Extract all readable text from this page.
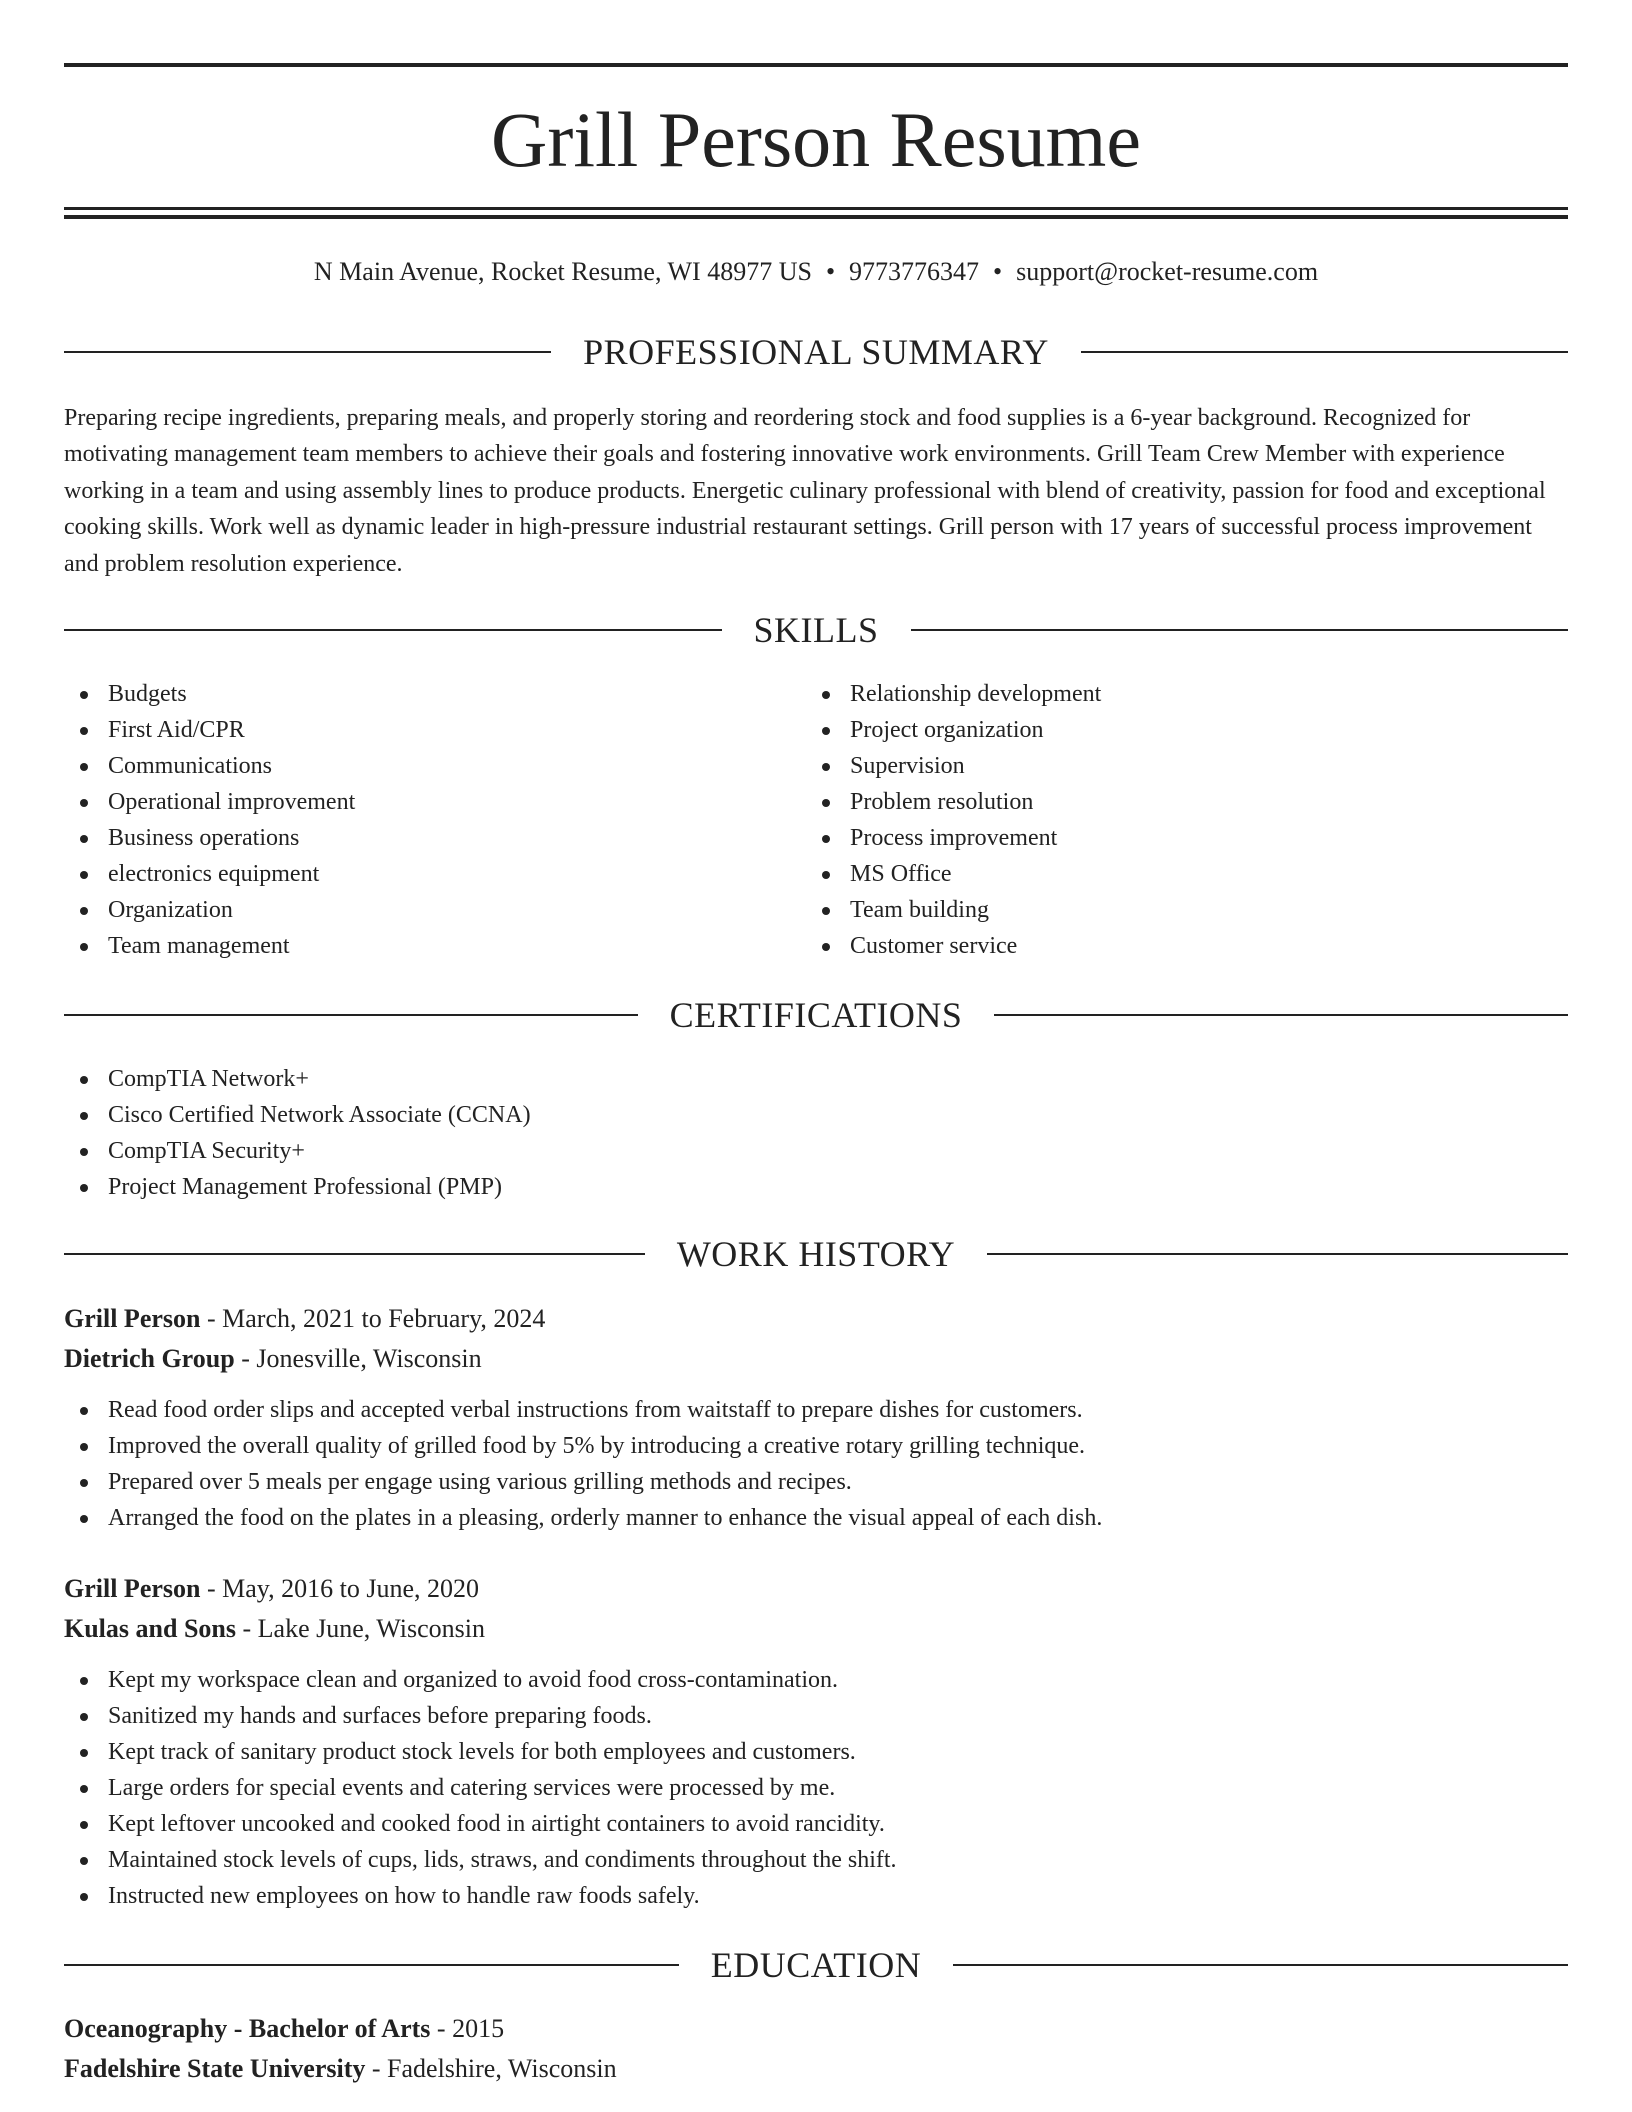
Grill Person Resume
N Main Avenue, Rocket Resume, WI 48977 US • 9773776347 • support@rocket-resume.com
PROFESSIONAL SUMMARY

Preparing recipe ingredients, preparing meals, and properly storing and reordering stock and food supplies is a 6-year background. Recognized for motivating management team members to achieve their goals and fostering innovative work environments. Grill Team Crew Member with experience working in a team and using assembly lines to produce products. Energetic culinary professional with blend of creativity, passion for food and exceptional cooking skills. Work well as dynamic leader in high-pressure industrial restaurant settings. Grill person with 17 years of successful process improvement and problem resolution experience.

SKILLS
Budgets
First Aid/CPR
Communications
Operational improvement
Business operations
electronics equipment
Organization
Team management
Relationship development
Project organization
Supervision
Problem resolution
Process improvement
MS Office
Team building
Customer service
CERTIFICATIONS
CompTIA Network+
Cisco Certified Network Associate (CCNA)
CompTIA Security+
Project Management Professional (PMP)
WORK HISTORY
Grill Person - March, 2021 to February, 2024
Dietrich Group - Jonesville, Wisconsin
Read food order slips and accepted verbal instructions from waitstaff to prepare dishes for customers.
Improved the overall quality of grilled food by 5% by introducing a creative rotary grilling technique.
Prepared over 5 meals per engage using various grilling methods and recipes.
Arranged the food on the plates in a pleasing, orderly manner to enhance the visual appeal of each dish.
Grill Person - May, 2016 to June, 2020
Kulas and Sons - Lake June, Wisconsin
Kept my workspace clean and organized to avoid food cross-contamination.
Sanitized my hands and surfaces before preparing foods.
Kept track of sanitary product stock levels for both employees and customers.
Large orders for special events and catering services were processed by me.
Kept leftover uncooked and cooked food in airtight containers to avoid rancidity.
Maintained stock levels of cups, lids, straws, and condiments throughout the shift.
Instructed new employees on how to handle raw foods safely.
EDUCATION
Oceanography - Bachelor of Arts - 2015
Fadelshire State University - Fadelshire, Wisconsin
